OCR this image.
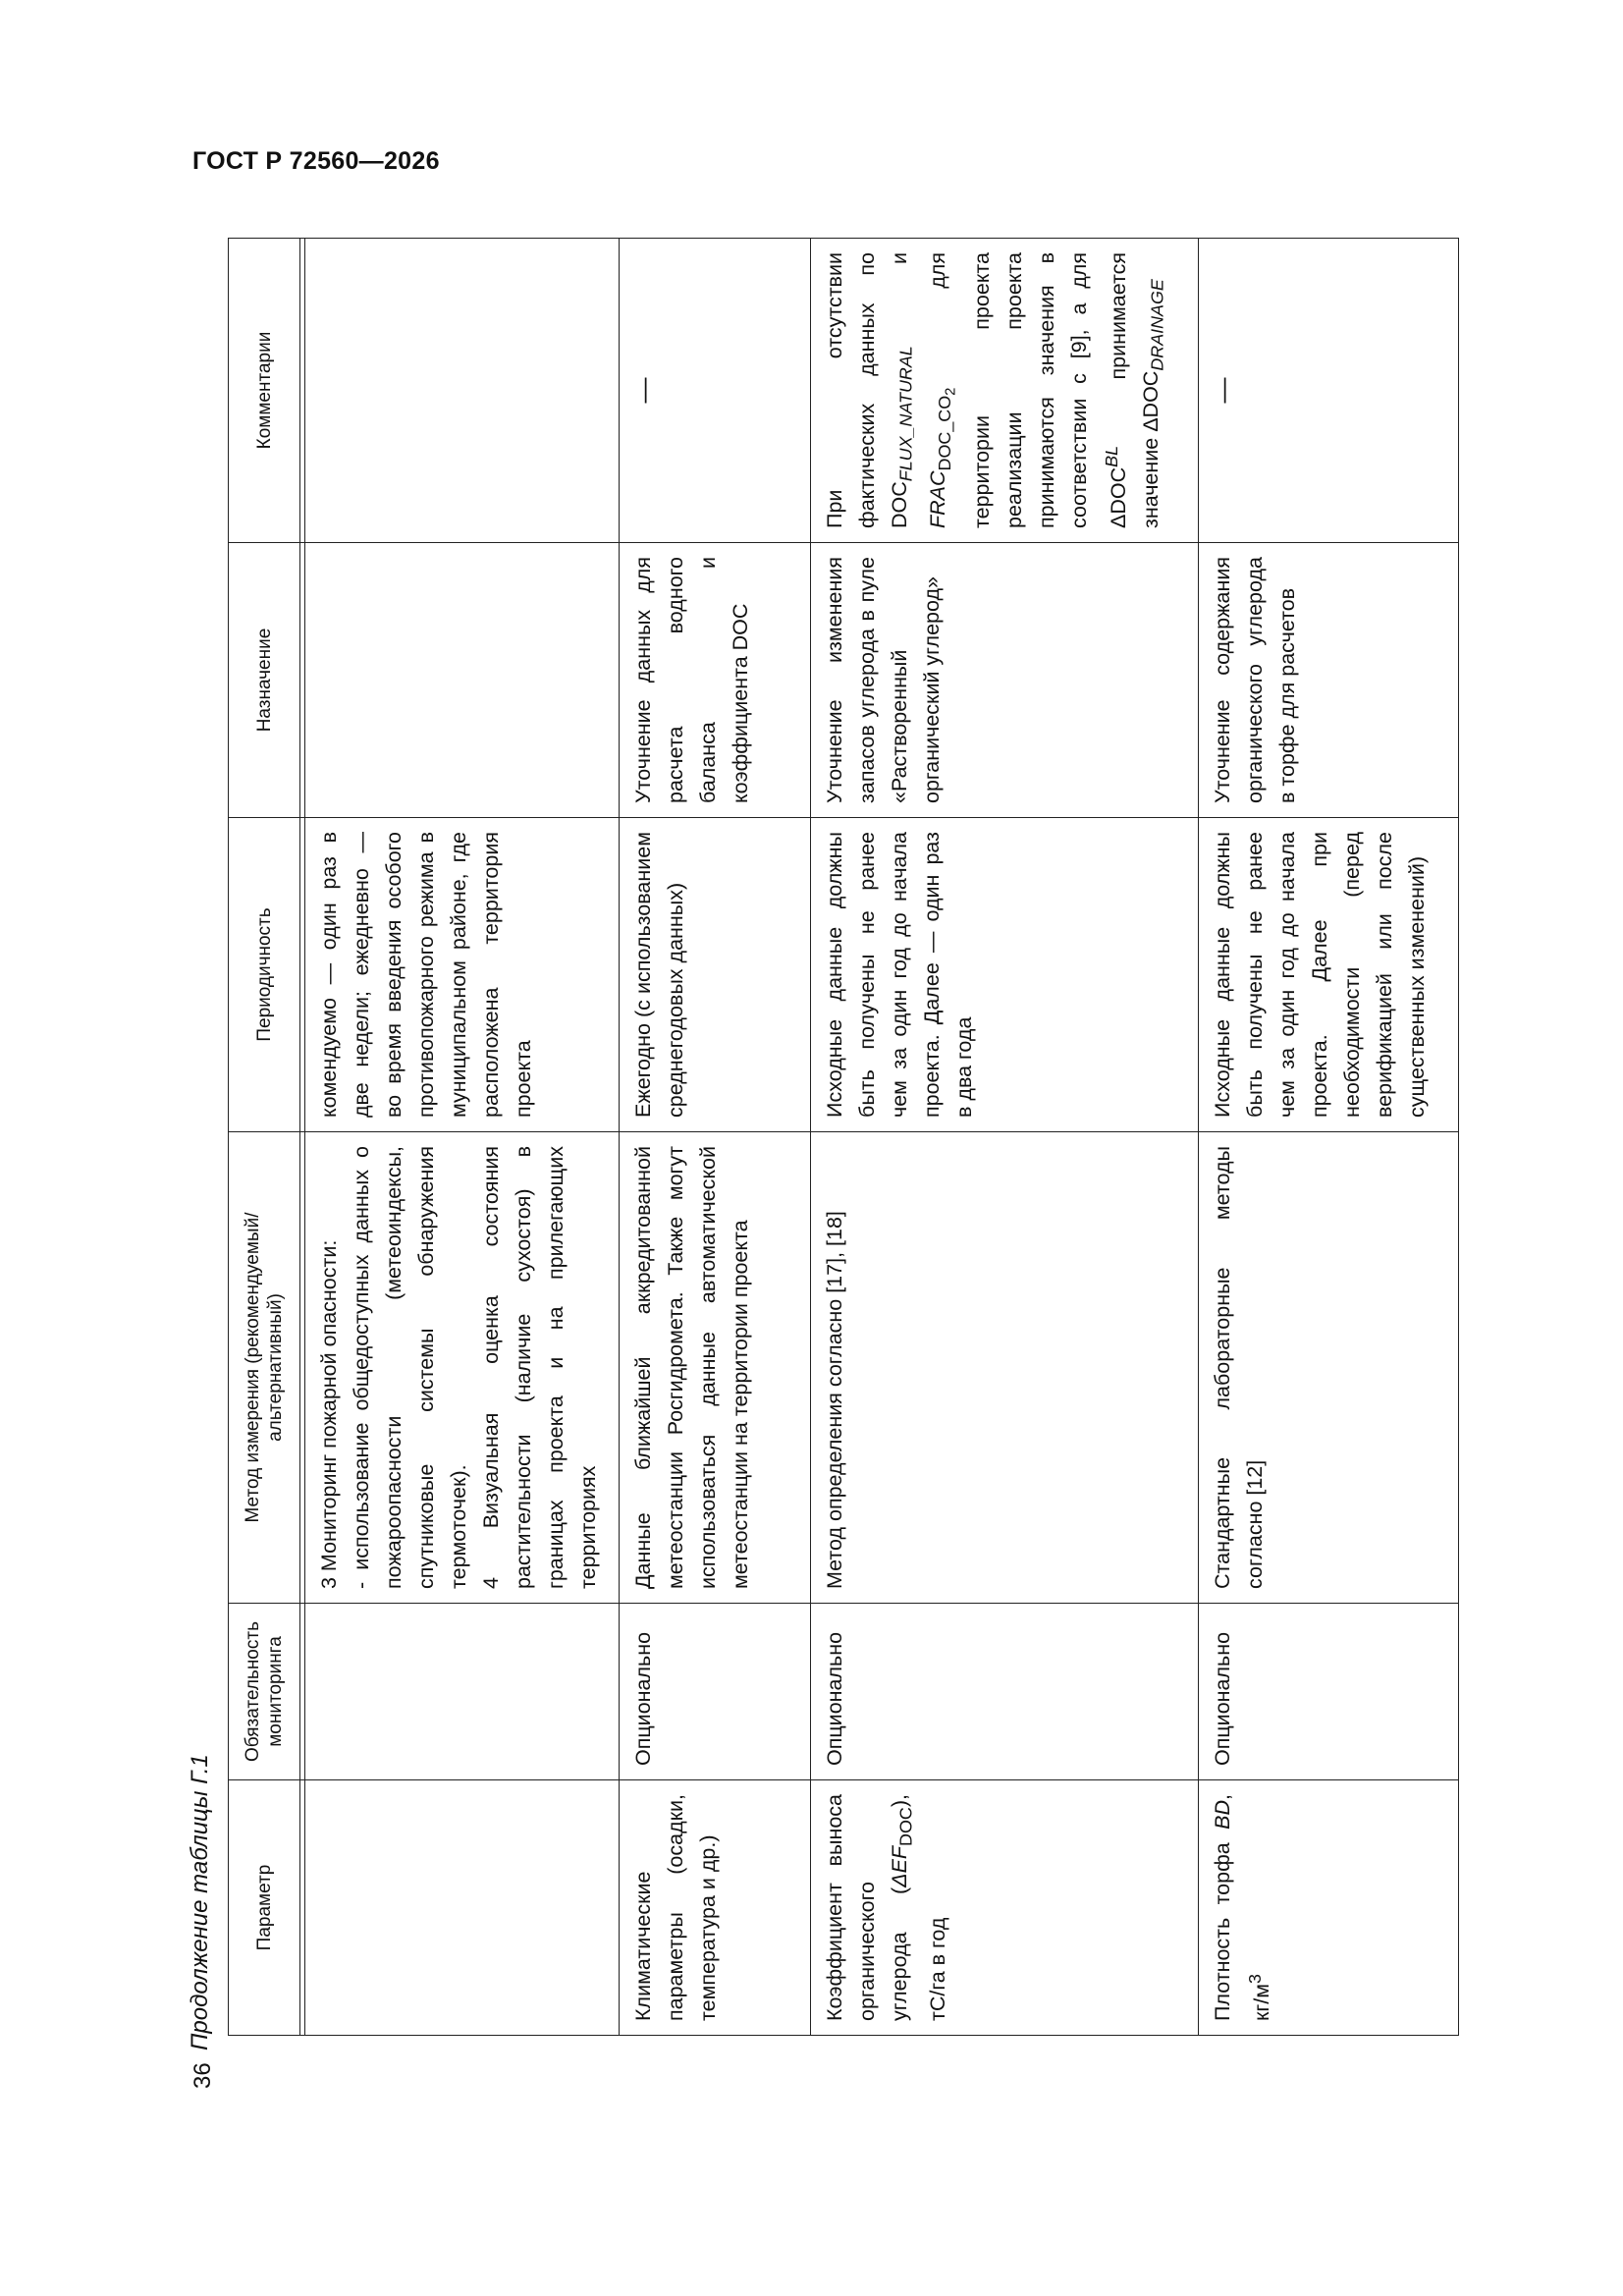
ГОСТ Р 72560—2026
36
Продолжение таблицы Г.1 Параметр	Обязательность мониторинга	Метод измерения (рекомендуемый/ альтернативный)	Периодичность	Назначение	Комментарии

		3 Мониторинг пожарной опасности: - использование общедоступных данных о пожароопасности (метеоиндексы, спутниковые системы обнаружения термоточек). 4 Визуальная оценка состояния растительности (наличие сухостоя) в границах проекта и на прилегающих территориях	комендуемо — один раз в две недели; ежедневно — во время введения особого противопожарного режима в муниципальном районе, где расположена территория проекта		
Климатические параметры (осадки, температура и др.)	Опционально	Данные ближайшей аккредитованной метеостанции Росгидромета. Также могут использоваться данные автоматической метеостанции на территории проекта	Ежегодно (с использованием среднегодовых данных)	Уточнение данных для расчета водного баланса и коэффициента DOC	—
Коэффициент выноса органического углерода $(\Delta EF_{DOC})$, тС/га в год	Опционально	Метод определения согласно [17], [18]	Исходные данные должны быть получены не ранее чем за один год до начала проекта. Далее — один раз в два года	Уточнение изменения запасов углерода в пуле «Растворенный органический углерод»	При отсутствии фактических данных по $DOC_{FLUX\_NATURAL}$ и $FRAC_{DOC\_CO_2}$ для территории проекта реализации проекта принимаются значения в соответствии с [9], а для $\Delta DOC^{BL}$ принимается значение $\Delta DOC_{DRAINAGE}$
Плотность торфа BD, $кг/м^3$	Опционально	Стандартные лабораторные методы согласно [12]	Исходные данные должны быть получены не ранее чем за один год до начала проекта. Далее при необходимости (перед верификацией или после существенных изменений)	Уточнение содержания органического углерода в торфе для расчетов	—
